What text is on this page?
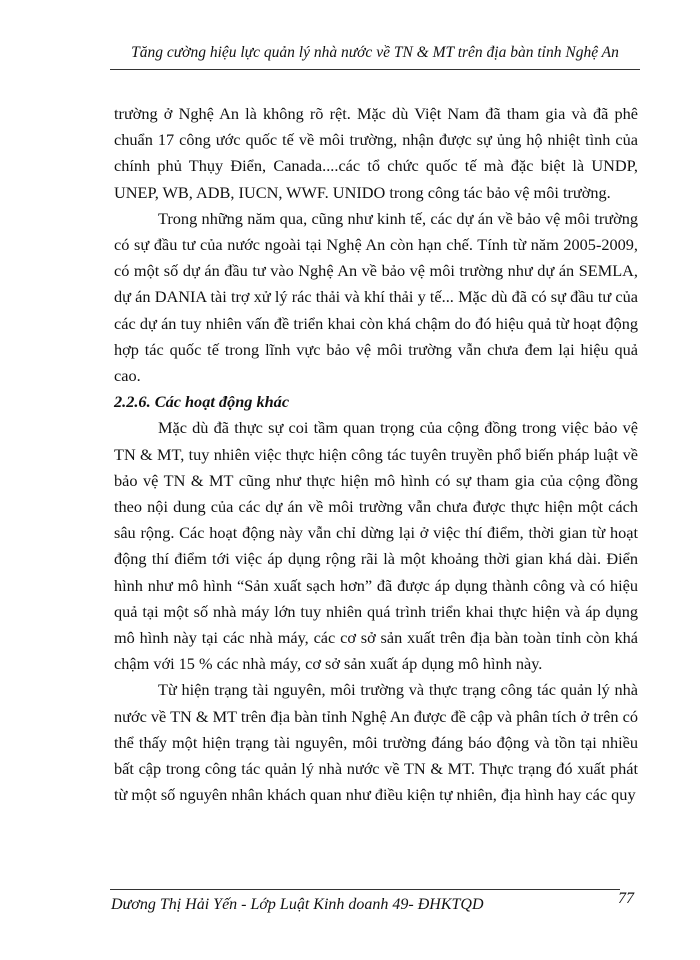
Tăng cường hiệu lực quản lý nhà nước về TN & MT trên địa bàn tỉnh Nghệ An

trường ở Nghệ An là không rõ rệt. Mặc dù Việt Nam đã tham gia và đã phê chuẩn 17 công ước quốc tế về môi trường, nhận được sự ủng hộ nhiệt tình của chính phủ Thụy Điển, Canada....các tổ chức quốc tế mà đặc biệt là UNDP, UNEP, WB, ADB, IUCN, WWF. UNIDO trong công tác bảo vệ môi trường.

Trong những năm qua, cũng như kinh tế, các dự án về bảo vệ môi trường có sự đầu tư của nước ngoài tại Nghệ An còn hạn chế. Tính từ năm 2005-2009, có một số dự án đầu tư vào Nghệ An về bảo vệ môi trường như dự án SEMLA, dự án DANIA tài trợ xử lý rác thải và khí thải y tế... Mặc dù đã có sự đầu tư của các dự án tuy nhiên vấn đề triển khai còn khá chậm do đó hiệu quả từ hoạt động hợp tác quốc tế trong lĩnh vực bảo vệ môi trường vẫn chưa đem lại hiệu quả cao.

2.2.6. Các hoạt động khác

Mặc dù đã thực sự coi tầm quan trọng của cộng đồng trong việc bảo vệ TN & MT, tuy nhiên việc thực hiện công tác tuyên truyền phổ biến pháp luật về bảo vệ TN & MT cũng như thực hiện mô hình có sự tham gia của cộng đồng theo nội dung của các dự án về môi trường vẫn chưa được thực hiện một cách sâu rộng. Các hoạt động này vẫn chỉ dừng lại ở việc thí điểm, thời gian từ hoạt động thí điểm tới việc áp dụng rộng rãi là một khoảng thời gian khá dài. Điển hình như mô hình “Sản xuất sạch hơn” đã được áp dụng thành công và có hiệu quả tại một số nhà máy lớn tuy nhiên quá trình triển khai thực hiện và áp dụng mô hình này tại các nhà máy, các cơ sở sản xuất trên địa bàn toàn tỉnh còn khá chậm với 15 % các nhà máy, cơ sở sản xuất áp dụng mô hình này.

Từ hiện trạng tài nguyên, môi trường và thực trạng công tác quản lý nhà nước về TN & MT trên địa bàn tỉnh Nghệ An được đề cập và phân tích ở trên có thể thấy một hiện trạng tài nguyên, môi trường đáng báo động và tồn tại nhiều bất cập trong công tác quản lý nhà nước về TN & MT. Thực trạng đó xuất phát từ một số nguyên nhân khách quan như điều kiện tự nhiên, địa hình hay các quy

Dương Thị Hải Yến - Lớp Luật Kinh doanh 49- ĐHKTQD	77
